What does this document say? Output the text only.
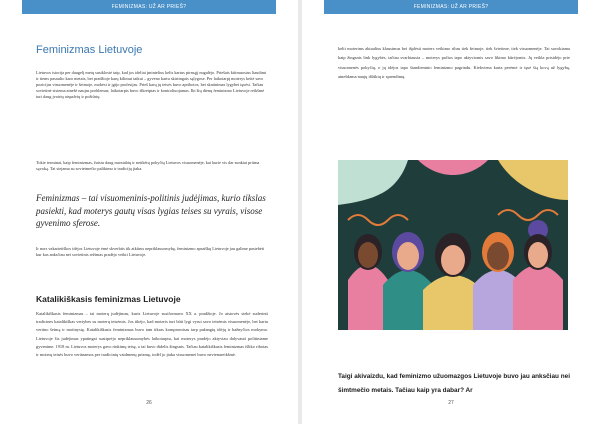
FEMINIZMAS: UŽ AR PRIEŠ?
Feminizmas Lietuvoje
Lietuvos istorija per daugelį metų susiklostė taip, kad jos ideliai įmintelius kelis kartus pirmąjį nugalėjo. Priešais kitimuosius liaudimi ir tiems pasaulio karo metais, bet pradžioje karų kilimui taikui – gyveno kartu skirtingais sąlygose. Per laikotarpį moterys keitė savo pozicijas visuomenėje ir šeimoje, mokėsi ir įgijo profesijas. Prieš karų jų teisės buvo apribotos, bet skatinimas lygybei tęsėsi. Tačiau sovietinė sistema atnešė naujas problemas; laikotarpis buvo iškreiptas ir kontroliuojamas. Iki šių dienų feminizmo Lietuvoje reikšmė turi daug įvairių atspalvių ir požiūrių.
Tokie terminai, kaip feminizmas, žaistu daug nuostabių ir netikėtų pokyčių Lietuvos visuomenėje, kai kurie vis dar sunkiai priima sąvoką. Tai siejama su sovietmečio palikimu ir tradicijų įtaka.
Feminizmas – tai visuomeninis-politinis judėjimas, kurio tikslas pasiekti, kad moterys gautų visas lygias teises su vyrais, visose gyvenimo sferose.
Ir nors vakarietiškos idėjos Lietuvoje ėmė skverbtis tik atkūrus nepriklausomybę, feminizmo apraiškų Lietuvoje jau galime pastebėti kur kas anksčiau nei sovietinis režimas pradėjo veikti Lietuvoje.
Katalikiškasis feminizmas Lietuvoje
Katalikiškasis feminizmas – tai moterų judėjimas, kuris Lietuvoje susiformavo XX a. pradžioje. Jo atstovės siekė suderinti tradicines katalikiškas vertybes su moterų teisėmis. Jos tikėjo, kad moteris turi būti lygi vyrui savo teisėmis visuomenėje, bet kartu vertino šeimą ir motinystę. Katalikiškasis feminizmas buvo tam tikras kompromisas tarp pažangių idėjų ir bažnyčios mokymo. Lietuvoje šis judėjimas ypatingai sustiprėjo nepriklausomybės laikotarpiu, kai moterys pradėjo aktyviau dalyvauti politiniame gyvenime. 1918 m. Lietuvos moterys gavo rinkimų teisę, o tai buvo didelis žingsnis. Tačiau katalikiškasis feminizmas išliko ribotas ir moterų teisės buvo vertinamos per tradicinių vaidmenų prizmę, todėl jo įtaka visuomenei buvo nevienareikšmė.
26
FEMINIZMAS: UŽ AR PRIEŠ?
kelti moterims aktualius klausimus bei išplėsti moters veikimo ribas tiek šeimoje, tiek švietime, tiek visuomenėje. Tai suvokiama kaip žingsnis link lygybės, tačiau svarbiausia – moterys pačios tapo aktyviomis savo likimo kūrėjomis. Jų veikla prisidėjo prie visuomenės pokyčių, o jų idėjos tapo šiandieninio feminizmo pagrindu. Kiekviena karta perėmė ir tęsė šią kovą už lygybę, atnešdama naujų iššūkių ir sprendimų.
Taigi akivaizdu, kad feminizmo užuomazgos Lietuvoje buvo jau anksčiau nei šimtmečio metais. Tačiau kaip yra dabar? Ar
27
